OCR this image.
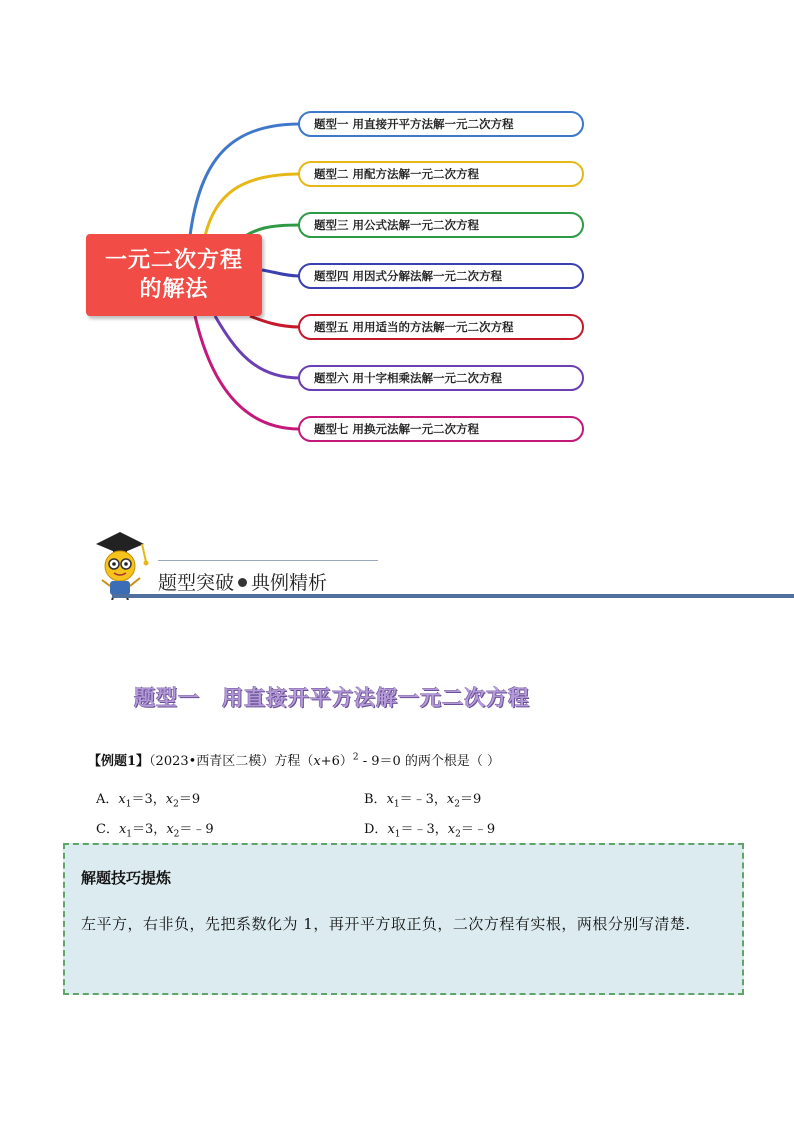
一元二次方程
的解法
题型一 用直接开平方法解一元二次方程
题型二 用配方法解一元二次方程
题型三 用公式法解一元二次方程
题型四 用因式分解法解一元二次方程
题型五 用用适当的方法解一元二次方程
题型六 用十字相乘法解一元二次方程
题型七 用换元法解一元二次方程
题型突破 典例精析
题型一 用直接开平方法解一元二次方程
【例题1】（2023•西青区二模）方程$(x+6)^2 - 9=0$ 的两个根是（ ）
A．$x_1=3$，$x_2=9$	B．$x_1=﹣3$，$x_2=9$
C．$x_1=3$，$x_2=﹣9$	D．$x_1=﹣3$，$x_2=﹣9$
解题技巧提炼
左平方，右非负，先把系数化为 1，再开平方取正负，二次方程有实根，两根分别写清楚.
